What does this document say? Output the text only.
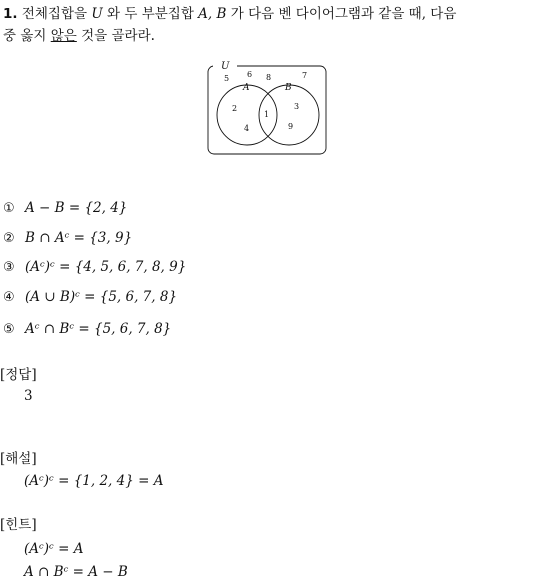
1. 전체집합을 U 와 두 부분집합 A, B 가 다음 벤 다이어그램과 같을 때, 다음
중 옳지 않은 것을 골라라.
U
A	B
5 6 8	7
2
4
1
3
9
① A − B = {2, 4}
② B ∩ Aᶜ = {3, 9}
③ (Aᶜ)ᶜ = {4, 5, 6, 7, 8, 9}
④ (A ∪ B)ᶜ = {5, 6, 7, 8}
⑤ Aᶜ ∩ Bᶜ = {5, 6, 7, 8}
[정답]
3
[해설]
(Aᶜ)ᶜ = {1, 2, 4} = A
[힌트]
(Aᶜ)ᶜ = A
A ∩ Bᶜ = A − B
